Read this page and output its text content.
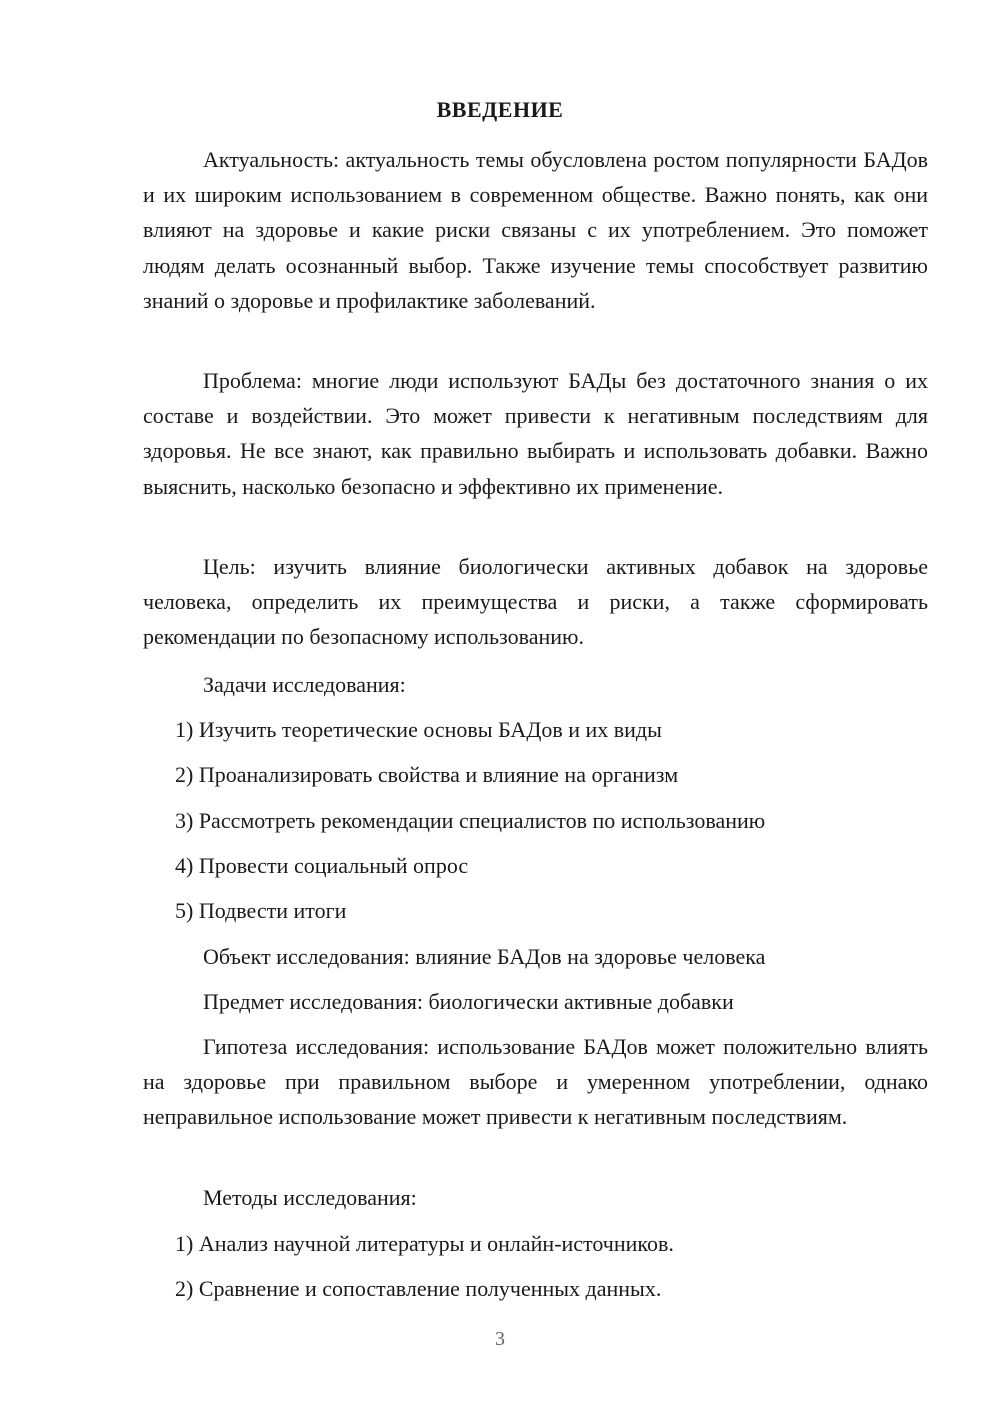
ВВЕДЕНИЕ

Актуальность: актуальность темы обусловлена ростом популярности БАДов и их широким использованием в современном обществе. Важно понять, как они влияют на здоровье и какие риски связаны с их употреблением. Это поможет людям делать осознанный выбор. Также изучение темы способствует развитию знаний о здоровье и профилактике заболеваний.

Проблема: многие люди используют БАДы без достаточного знания о их составе и воздействии. Это может привести к негативным последствиям для здоровья. Не все знают, как правильно выбирать и использовать добавки. Важно выяснить, насколько безопасно и эффективно их применение.

Цель: изучить влияние биологически активных добавок на здоровье человека, определить их преимущества и риски, а также сформировать рекомендации по безопасному использованию.

Задачи исследования:

1) Изучить теоретические основы БАДов и их виды

2) Проанализировать свойства и влияние на организм

3) Рассмотреть рекомендации специалистов по использованию

4) Провести социальный опрос

5) Подвести итоги

Объект исследования: влияние БАДов на здоровье человека

Предмет исследования: биологически активные добавки

Гипотеза исследования: использование БАДов может положительно влиять на здоровье при правильном выборе и умеренном употреблении, однако неправильное использование может привести к негативным последствиям.

Методы исследования:

1) Анализ научной литературы и онлайн-источников.

2) Сравнение и сопоставление полученных данных.

3
